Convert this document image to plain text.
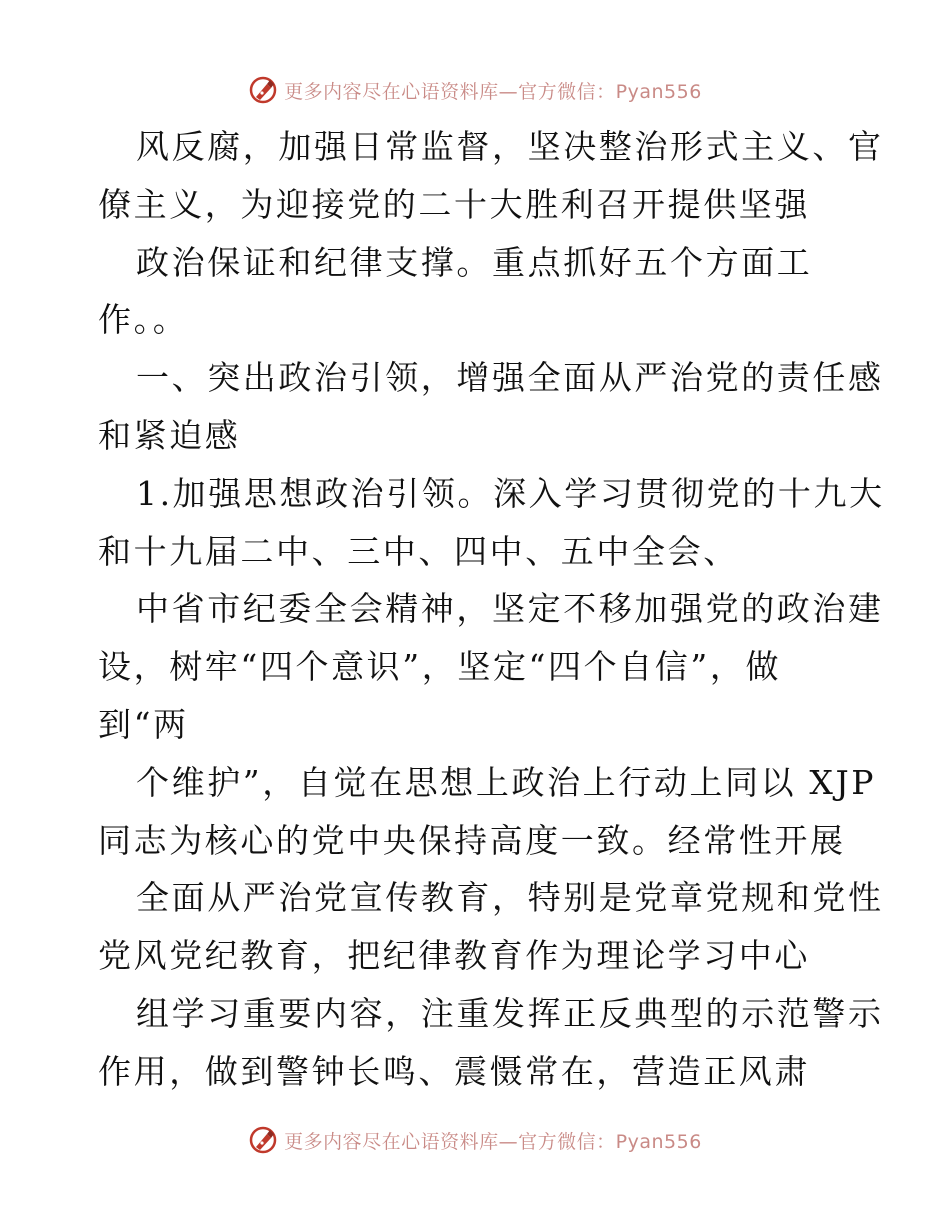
更多内容尽在心语资料库—官方微信：Pyan556
风反腐，加强日常监督，坚决整治形式主义、官
僚主义，为迎接党的二十大胜利召开提供坚强
政治保证和纪律支撑。重点抓好五个方面工
作。。
一、突出政治引领，增强全面从严治党的责任感
和紧迫感
1.加强思想政治引领。深入学习贯彻党的十九大
和十九届二中、三中、四中、五中全会、
中省市纪委全会精神，坚定不移加强党的政治建
设，树牢“四个意识”，坚定“四个自信”，做
到“两
个维护”，自觉在思想上政治上行动上同以 XJP
同志为核心的党中央保持高度一致。经常性开展
全面从严治党宣传教育，特别是党章党规和党性
党风党纪教育，把纪律教育作为理论学习中心
组学习重要内容，注重发挥正反典型的示范警示
作用，做到警钟长鸣、震慑常在，营造正风肃
更多内容尽在心语资料库—官方微信：Pyan556
